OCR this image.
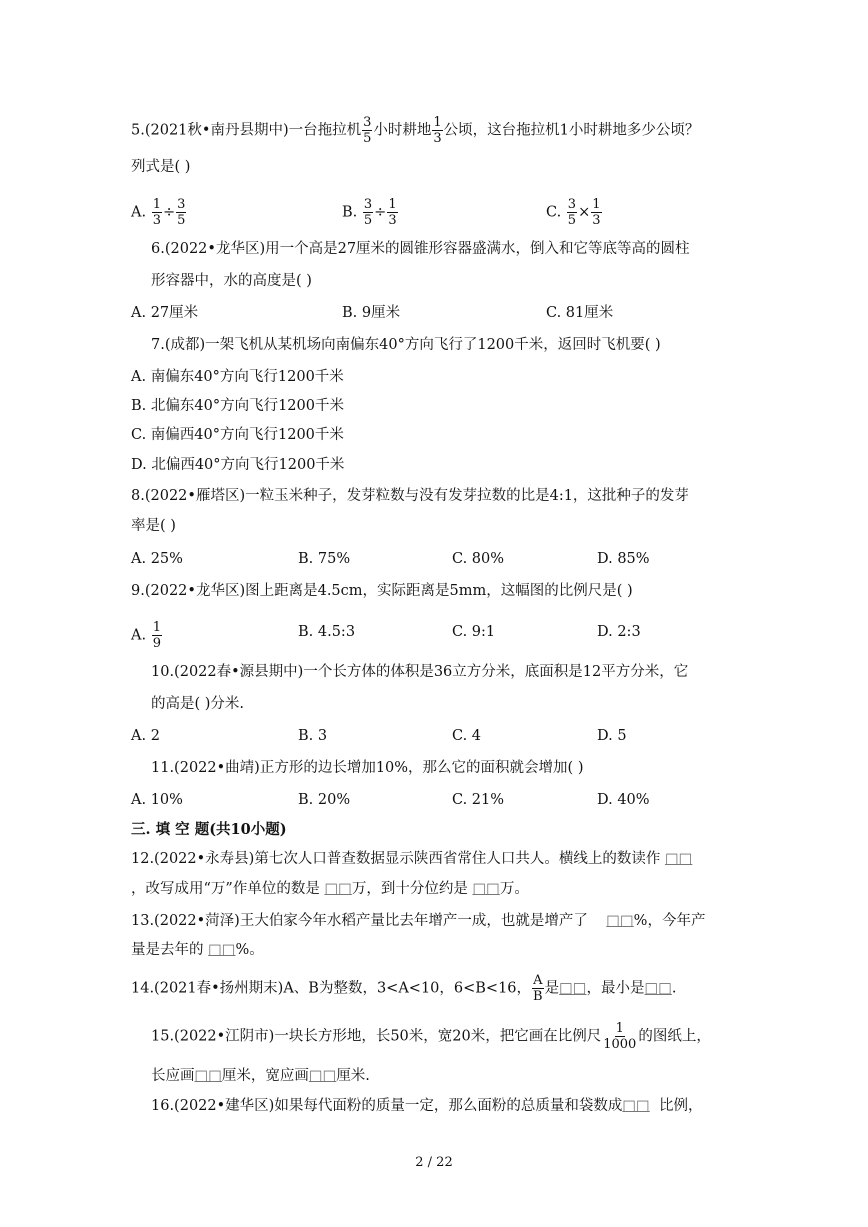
5.(2021秋•南丹县期中)一台拖拉机 $\frac{3}{5}$ 小时耕地 $\frac{1}{3}$ 公顷，这台拖拉机1小时耕地多少公顷？
列式是( )
A. $\frac{1}{3} \div \frac{3}{5}$	B. $\frac{3}{5} \div \frac{1}{3}$	C. $\frac{3}{5} \times \frac{1}{3}$
6.(2022•龙华区)用一个高是27厘米的圆锥形容器盛满水，倒入和它等底等高的圆柱
形容器中，水的高度是( )
A. 27厘米	B. 9厘米	C. 81厘米
7.(成都)一架飞机从某机场向南偏东40°方向飞行了1200千米，返回时飞机要( )
A. 南偏东40°方向飞行1200千米
B. 北偏东40°方向飞行1200千米
C. 南偏西40°方向飞行1200千米
D. 北偏西40°方向飞行1200千米
8.(2022•雁塔区)一粒玉米种子，发芽粒数与没有发芽拉数的比是4:1，这批种子的发芽
率是( )
A. 25%	B. 75%	C. 80%	D. 85%
9.(2022•龙华区)图上距离是4.5cm，实际距离是5mm，这幅图的比例尺是( )
A. $\frac{1}{9}$	B. 4.5:3	C. 9:1	D. 2:3
10.(2022春•源县期中)一个长方体的体积是36立方分米，底面积是12平方分米，它
的高是( )分米.
A. 2	B. 3	C. 4	D. 5
11.(2022•曲靖)正方形的边长增加10%，那么它的面积就会增加( )
A. 10%	B. 20%	C. 21%	D. 40%
三. 填 空 题(共10小题)
12.(2022•永寿县)第七次人口普查数据显示陕西省常住人口共人。横线上的数读作 □□
，改写成用“万”作单位的数是 □□万，到十分位约是 □□万。
13.(2022•菏泽)王大伯家今年水稻产量比去年增产一成，也就是增产了 □□%，今年产
量是去年的 □□%。
14.(2021春•扬州期末)A、B为整数，3<A<10，6<B<16， $\frac{A}{B}$ 是□□，最小是□□.
15.(2022•江阴市)一块长方形地，长50米，宽20米，把它画在比例尺 $\frac{1}{1000}$ 的图纸上，
长应画□□厘米，宽应画□□厘米.
16.(2022•建华区)如果每代面粉的质量一定，那么面粉的总质量和袋数成□□ 比例，
2 / 22
